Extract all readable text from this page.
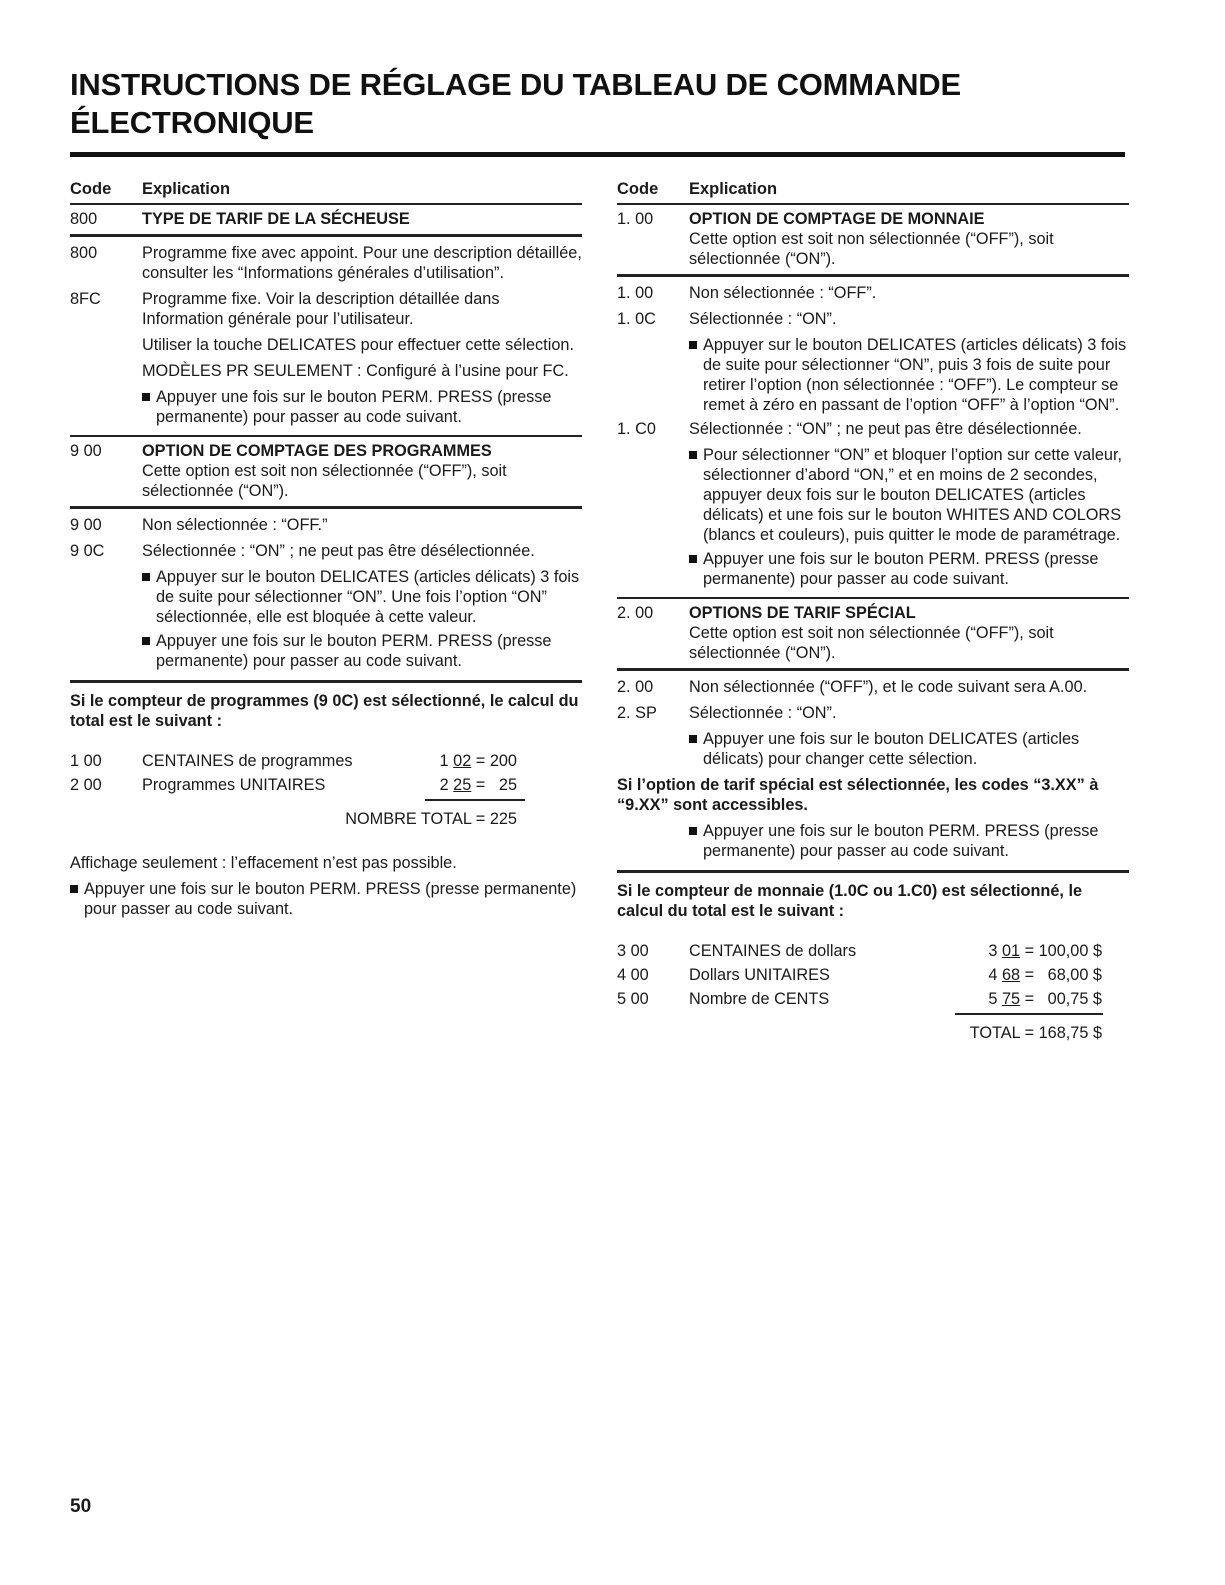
INSTRUCTIONS DE RÉGLAGE DU TABLEAU DE COMMANDE ÉLECTRONIQUE
Code	Explication
800	TYPE DE TARIF DE LA SÉCHEUSE
800	Programme fixe avec appoint. Pour une description détaillée, consulter les “Informations générales d’utilisation”.
8FC	Programme fixe. Voir la description détaillée dans Information générale pour l’utilisateur.
Utiliser la touche DELICATES pour effectuer cette sélection.
MODÈLES PR SEULEMENT : Configuré à l’usine pour FC.
Appuyer une fois sur le bouton PERM. PRESS (presse permanente) pour passer au code suivant.
9 00	OPTION DE COMPTAGE DES PROGRAMMES
Cette option est soit non sélectionnée (“OFF”), soit sélectionnée (“ON”).
9 00	Non sélectionnée : “OFF.”
9 0C	Sélectionnée : “ON” ; ne peut pas être désélectionnée.
Appuyer sur le bouton DELICATES (articles délicats) 3 fois de suite pour sélectionner “ON”. Une fois l’option “ON” sélectionnée, elle est bloquée à cette valeur.
Appuyer une fois sur le bouton PERM. PRESS (presse permanente) pour passer au code suivant.
Si le compteur de programmes (9 0C) est sélectionné, le calcul du total est le suivant :
1 00	CENTAINES de programmes	1 02 = 200
2 00	Programmes UNITAIRES	2 25 =   25
NOMBRE TOTAL = 225
Affichage seulement : l’effacement n’est pas possible.
Appuyer une fois sur le bouton PERM. PRESS (presse permanente) pour passer au code suivant.
Code	Explication
1. 00	OPTION DE COMPTAGE DE MONNAIE
Cette option est soit non sélectionnée (“OFF”), soit sélectionnée (“ON”).
1. 00	Non sélectionnée : “OFF”.
1. 0C	Sélectionnée : “ON”.
Appuyer sur le bouton DELICATES (articles délicats) 3 fois de suite pour sélectionner “ON”, puis 3 fois de suite pour retirer l’option (non sélectionnée : “OFF”). Le compteur se remet à zéro en passant de l’option “OFF” à l’option “ON”.
1. C0	Sélectionnée : “ON” ; ne peut pas être désélectionnée.
Pour sélectionner “ON” et bloquer l’option sur cette valeur, sélectionner d’abord “ON,” et en moins de 2 secondes, appuyer deux fois sur le bouton DELICATES (articles délicats) et une fois sur le bouton WHITES AND COLORS (blancs et couleurs), puis quitter le mode de paramétrage.
Appuyer une fois sur le bouton PERM. PRESS (presse permanente) pour passer au code suivant.
2. 00	OPTIONS DE TARIF SPÉCIAL
Cette option est soit non sélectionnée (“OFF”), soit sélectionnée (“ON”).
2. 00	Non sélectionnée (“OFF”), et le code suivant sera A.00.
2. SP	Sélectionnée : “ON”.
Appuyer une fois sur le bouton DELICATES (articles délicats) pour changer cette sélection.
Si l’option de tarif spécial est sélectionnée, les codes “3.XX” à “9.XX” sont accessibles.
Appuyer une fois sur le bouton PERM. PRESS (presse permanente) pour passer au code suivant.
Si le compteur de monnaie (1.0C ou 1.C0) est sélectionné, le calcul du total est le suivant :
3 00	CENTAINES de dollars	3 01 = 100,00 $
4 00	Dollars UNITAIRES	4 68 =   68,00 $
5 00	Nombre de CENTS	5 75 =   00,75 $
TOTAL = 168,75 $
50
